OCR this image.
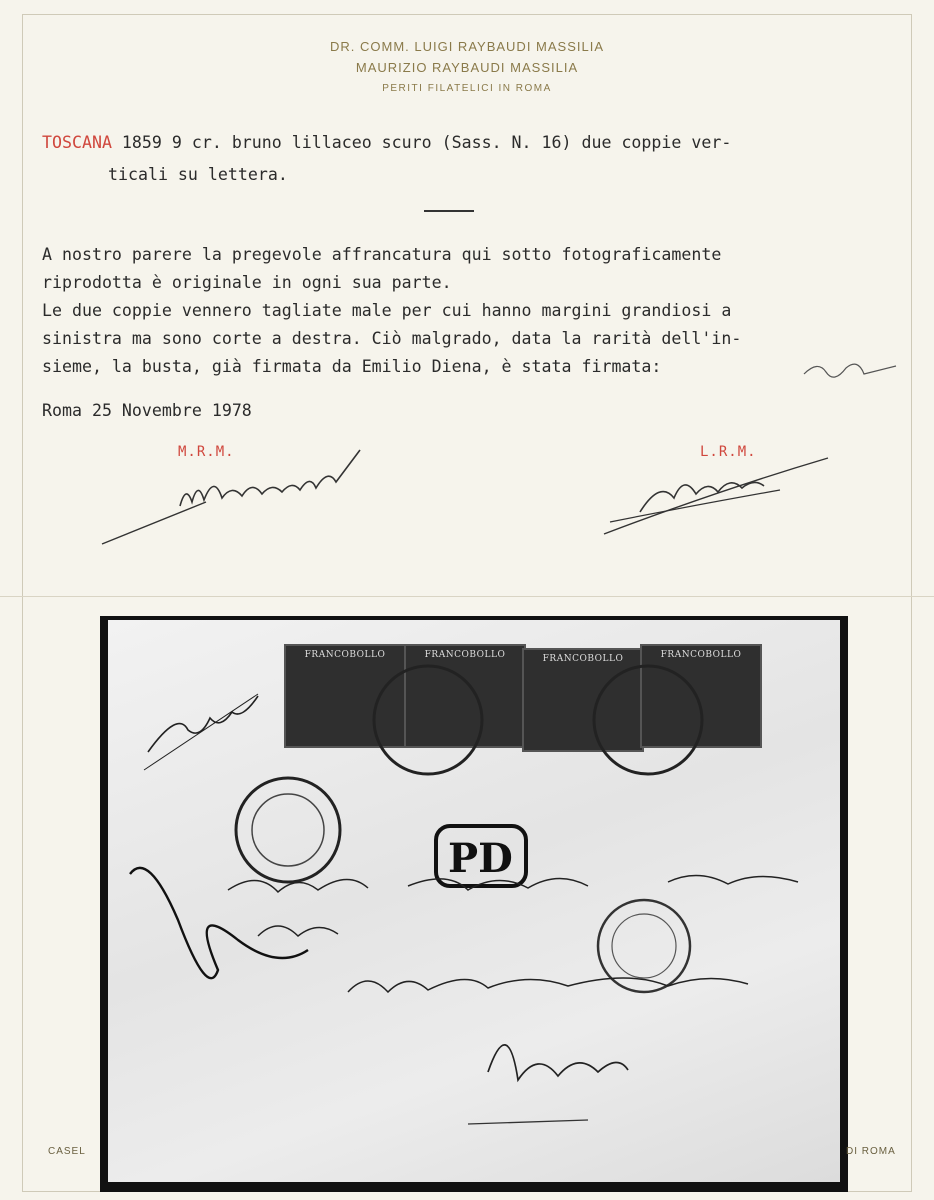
DR. COMM. LUIGI RAYBAUDI MASSILIA
MAURIZIO RAYBAUDI MASSILIA
PERITI FILATELICI IN ROMA
TOSCANA 1859 9 cr. bruno lillaceo scuro (Sass. N. 16) due coppie ver-
ticali su lettera.
A nostro parere la pregevole affrancatura qui sotto fotograficamente
riprodotta è originale in ogni sua parte.
Le due coppie vennero tagliate male per cui hanno margini grandiosi a
sinistra ma sono corte a destra. Ciò malgrado, data la rarità dell'in-
sieme, la busta, già firmata da Emilio Diena, è stata firmata:
Roma 25 Novembre 1978
M.R.M.	L.R.M.
FRANCOBOLLO	FRANCOBOLLO	FRANCOBOLLO	FRANCOBOLLO
PD
CASEL	DI ROMA
